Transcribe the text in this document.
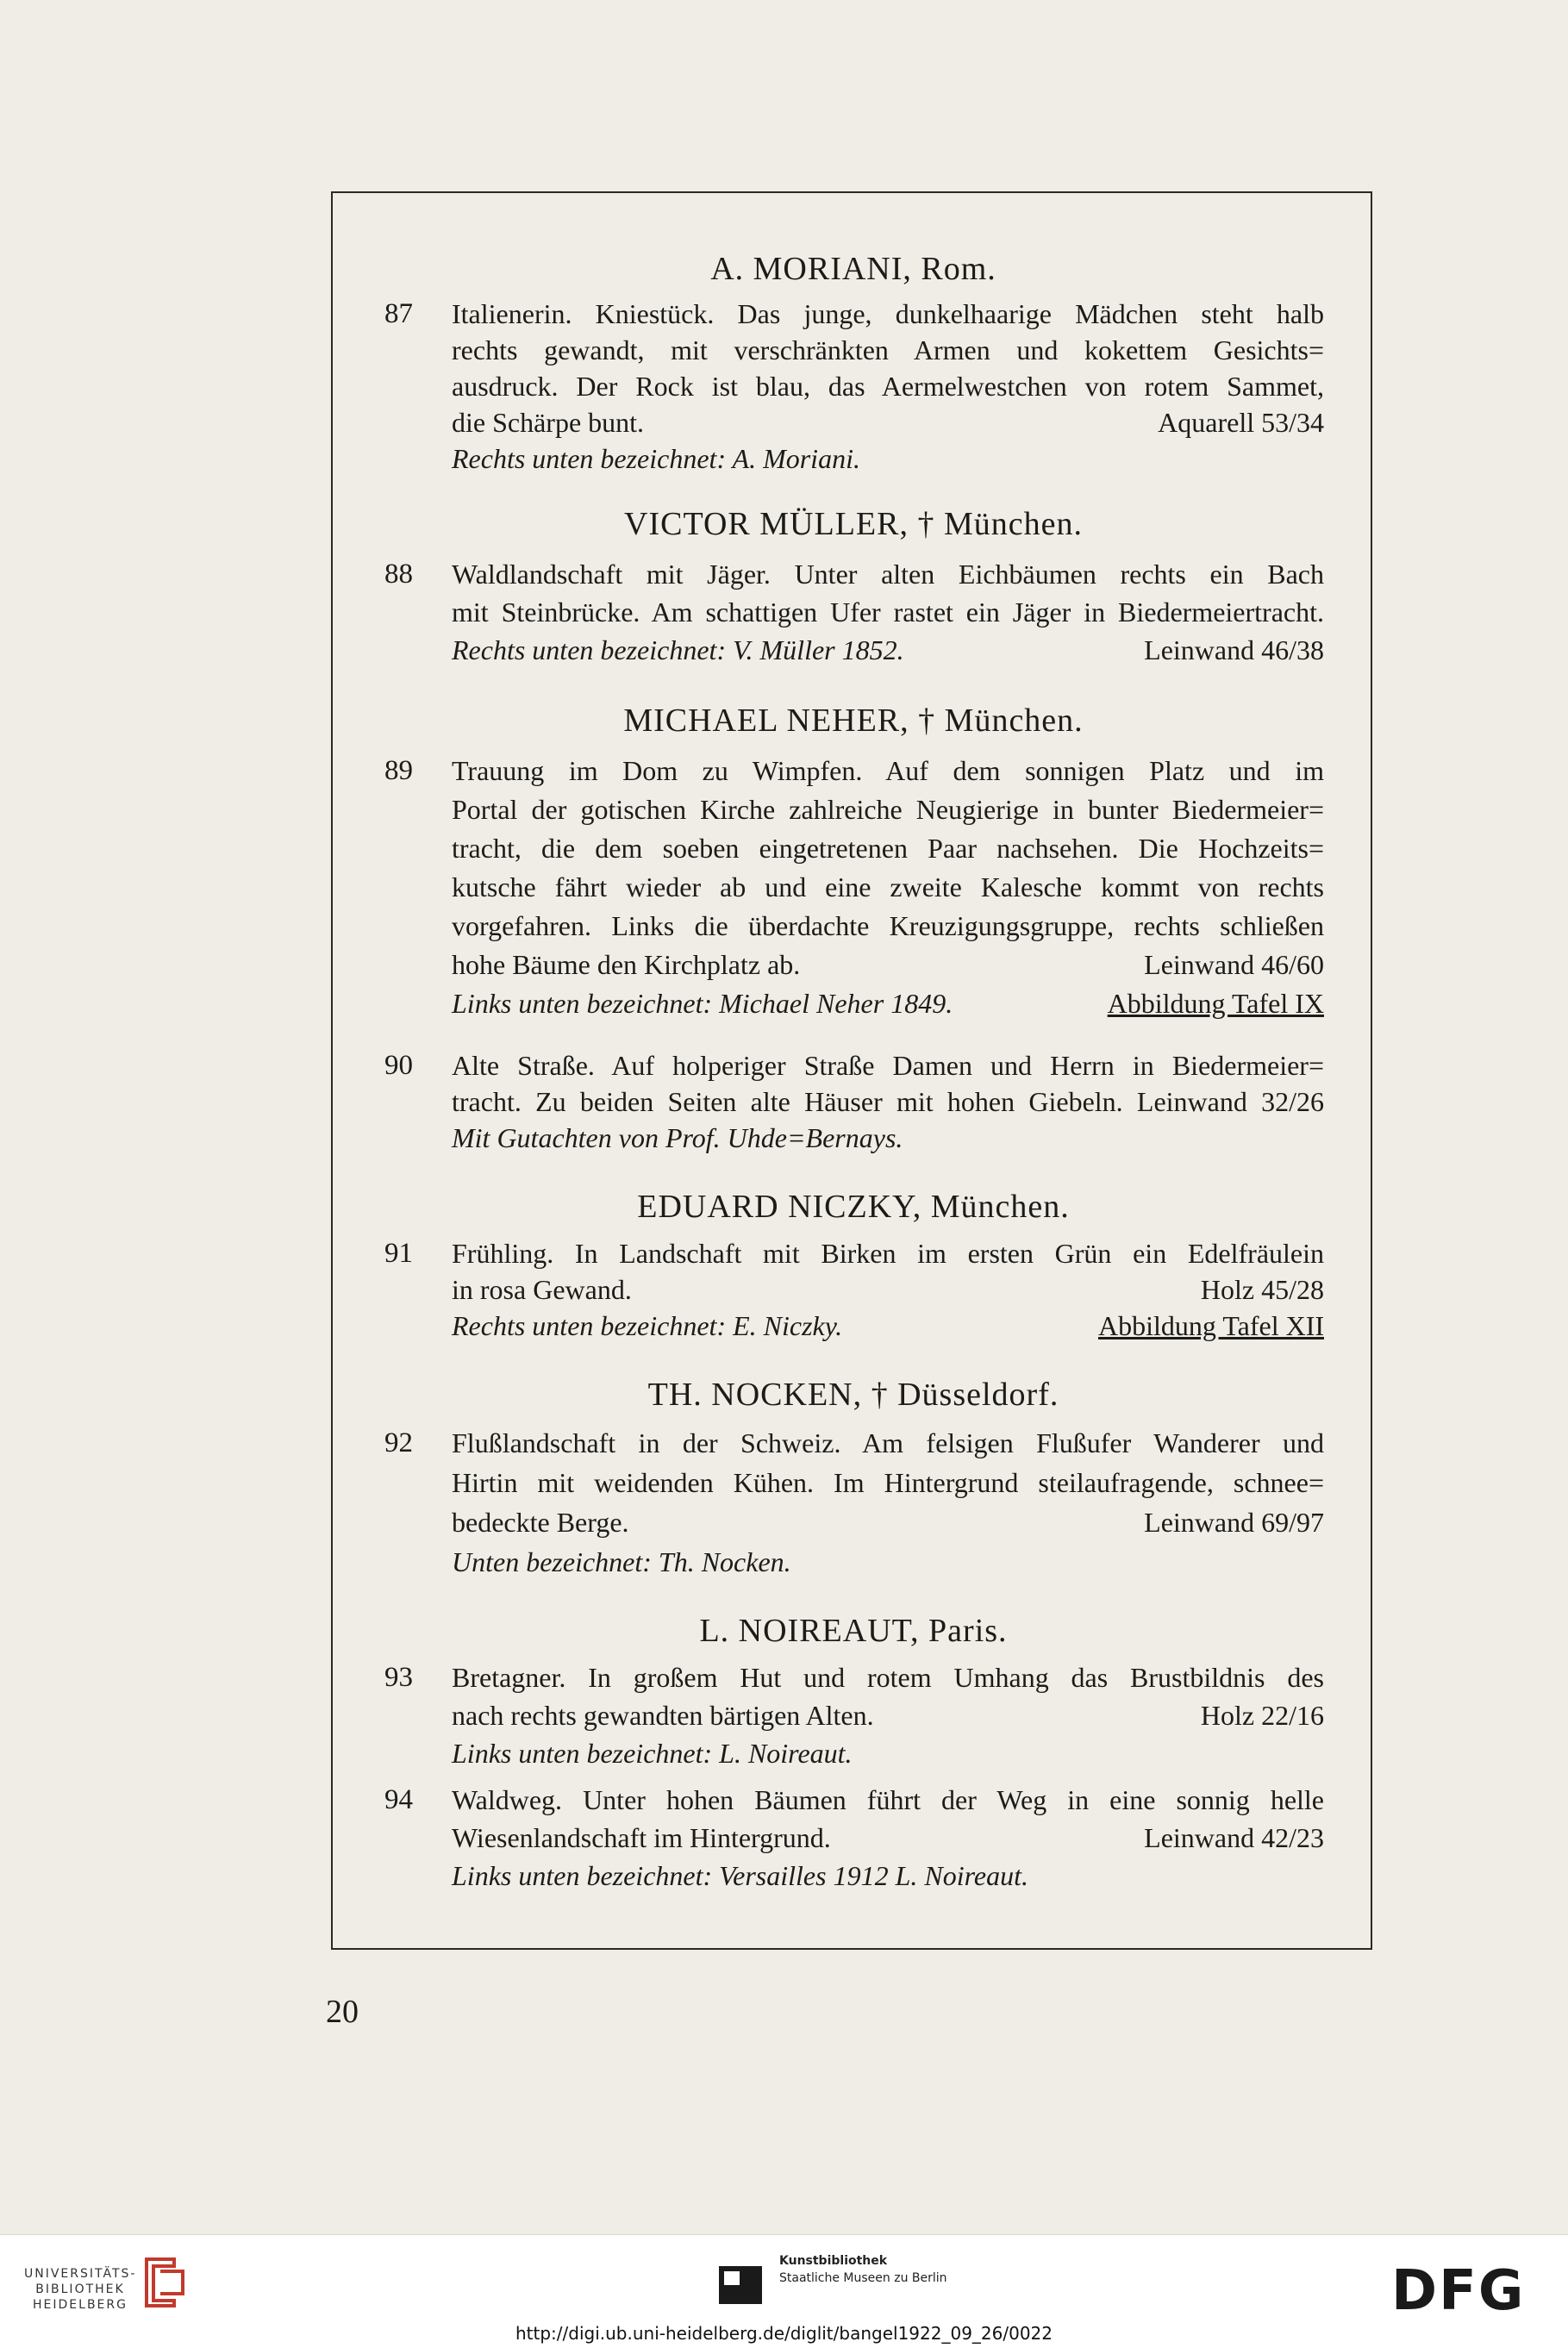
A. MORIANI, Rom.
87 Italienerin. Kniestück. Das junge, dunkelhaarige Mädchen steht halb
rechts gewandt, mit verschränkten Armen und kokettem Gesichts=
ausdruck. Der Rock ist blau, das Aermelwestchen von rotem Sammet,
die Schärpe bunt.	Aquarell 53/34
Rechts unten bezeichnet: A. Moriani.
VICTOR MÜLLER, † München.
88 Waldlandschaft mit Jäger. Unter alten Eichbäumen rechts ein Bach
mit Steinbrücke. Am schattigen Ufer rastet ein Jäger in Biedermeiertracht.
Rechts unten bezeichnet: V. Müller 1852.	Leinwand 46/38
MICHAEL NEHER, † München.
89 Trauung im Dom zu Wimpfen. Auf dem sonnigen Platz und im
Portal der gotischen Kirche zahlreiche Neugierige in bunter Biedermeier=
tracht, die dem soeben eingetretenen Paar nachsehen. Die Hochzeits=
kutsche fährt wieder ab und eine zweite Kalesche kommt von rechts
vorgefahren. Links die überdachte Kreuzigungsgruppe, rechts schließen
hohe Bäume den Kirchplatz ab.	Leinwand 46/60
Links unten bezeichnet: Michael Neher 1849.	Abbildung Tafel IX
90 Alte Straße. Auf holperiger Straße Damen und Herrn in Biedermeier=
tracht. Zu beiden Seiten alte Häuser mit hohen Giebeln. Leinwand 32/26
Mit Gutachten von Prof. Uhde=Bernays.
EDUARD NICZKY, München.
91 Frühling. In Landschaft mit Birken im ersten Grün ein Edelfräulein
in rosa Gewand.	Holz 45/28
Rechts unten bezeichnet: E. Niczky.	Abbildung Tafel XII
TH. NOCKEN, † Düsseldorf.
92 Flußlandschaft in der Schweiz. Am felsigen Flußufer Wanderer und
Hirtin mit weidenden Kühen. Im Hintergrund steilaufragende, schnee=
bedeckte Berge.	Leinwand 69/97
Unten bezeichnet: Th. Nocken.
L. NOIREAUT, Paris.
93 Bretagner. In großem Hut und rotem Umhang das Brustbildnis des
nach rechts gewandten bärtigen Alten.	Holz 22/16
Links unten bezeichnet: L. Noireaut.
94 Waldweg. Unter hohen Bäumen führt der Weg in eine sonnig helle
Wiesenlandschaft im Hintergrund.	Leinwand 42/23
Links unten bezeichnet: Versailles 1912 L. Noireaut.
20
UNIVERSITÄTS-
BIBLIOTHEK
HEIDELBERG
Kunstbibliothek
Staatliche Museen zu Berlin	DFG
http://digi.ub.uni-heidelberg.de/diglit/bangel1922_09_26/0022
